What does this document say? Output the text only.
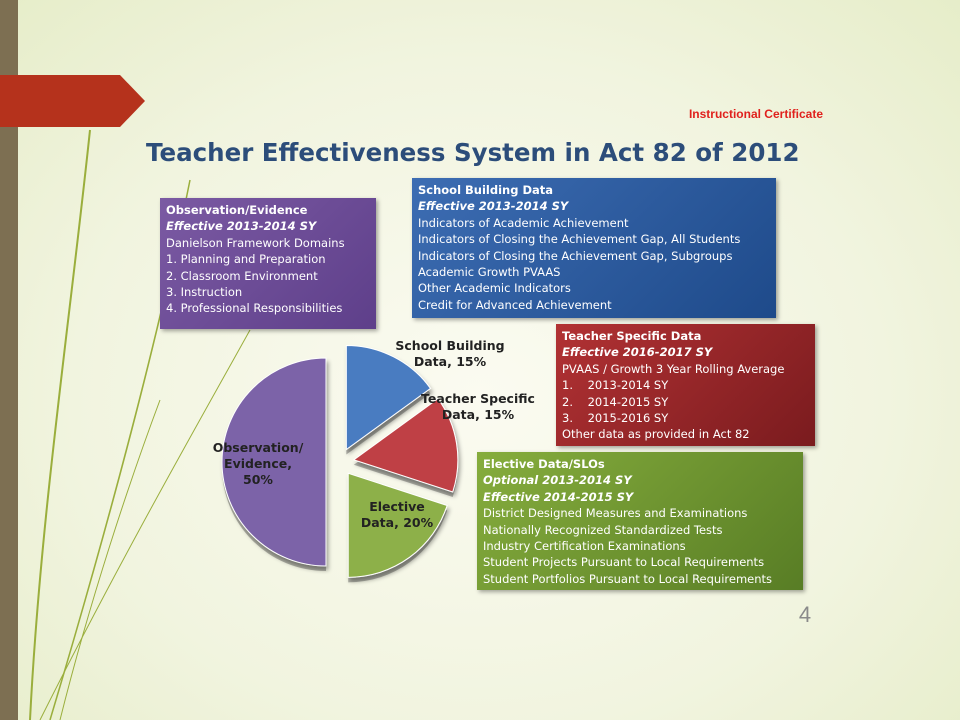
Instructional Certificate
Teacher Effectiveness System in Act 82 of 2012
School Building Data, 15%
Teacher Specific Data, 15%
Elective Data, 20%
Observation/ Evidence, 50%
Observation/Evidence
Effective 2013-2014 SY
Danielson Framework Domains
1. Planning and Preparation
2. Classroom Environment
3. Instruction
4. Professional Responsibilities
School Building Data
Effective 2013-2014 SY
Indicators of Academic Achievement
Indicators of Closing the Achievement Gap, All Students
Indicators of Closing the Achievement Gap, Subgroups
Academic Growth PVAAS
Other Academic Indicators
Credit for Advanced Achievement
Teacher Specific Data
Effective 2016-2017 SY
PVAAS / Growth 3 Year Rolling Average
1.    2013-2014 SY
2.    2014-2015 SY
3.    2015-2016 SY
Other data as provided in Act 82
Elective Data/SLOs
Optional 2013-2014 SY
Effective 2014-2015 SY
District Designed Measures and Examinations
Nationally Recognized Standardized Tests
Industry Certification Examinations
Student Projects Pursuant to Local Requirements
Student Portfolios Pursuant to Local Requirements
4
